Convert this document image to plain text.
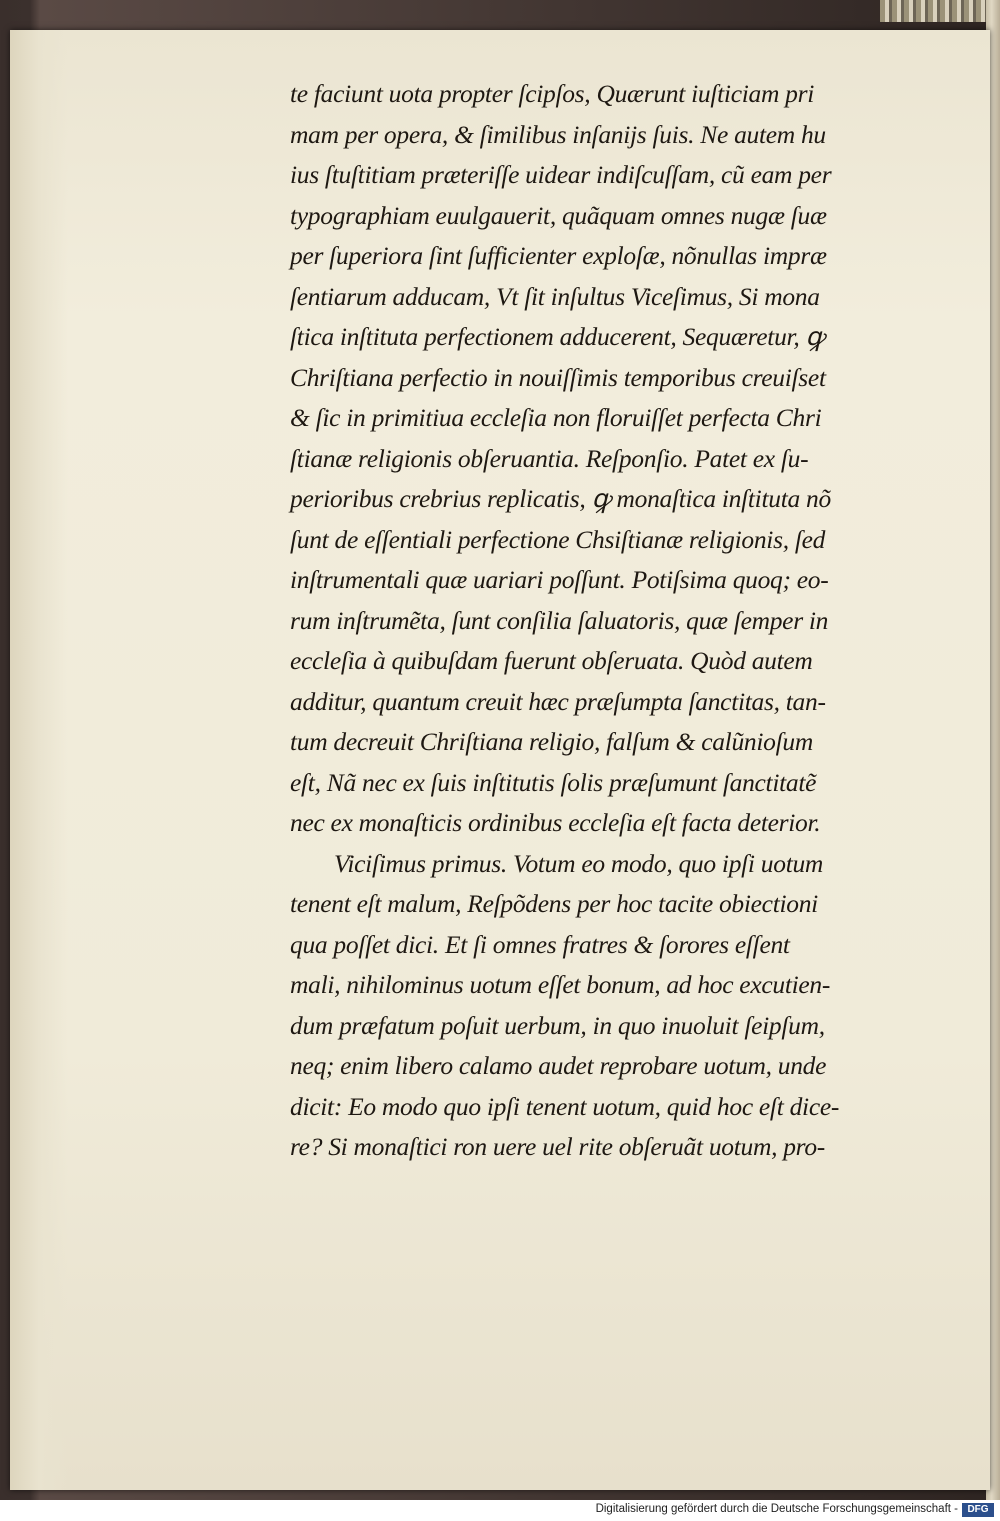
te faciunt uota propter ſcipſos, Quærunt iuſticiam pri
mam per opera, & ſimilibus inſanijs ſuis. Ne autem hu
ius ſtuſtitiam præteriſſe uidear indiſcuſſam, cũ eam per
typographiam euulgauerit, quãquam omnes nugæ ſuæ
per ſuperiora ſint ſufficienter exploſæ, nõnullas impræ
ſentiarum adducam, Vt ſit inſultus Viceſimus, Si mona
ſtica inſtituta perfectionem adducerent, Sequæretur, ꝙ
Chriſtiana perfectio in nouiſſimis temporibus creuiſset
& ſic in primitiua eccleſia non floruiſſet perfecta Chri
ſtianæ religionis obſeruantia. Reſponſio. Patet ex ſu-
perioribus crebrius replicatis, ꝙ monaſtica inſtituta nõ
ſunt de eſſentiali perfectione Chsiſtianæ religionis, ſed
inſtrumentali quæ uariari poſſunt. Potiſsima quoq; eo-
rum inſtrumẽta, ſunt conſilia ſaluatoris, quæ ſemper in
eccleſia à quibuſdam fuerunt obſeruata. Quòd autem
additur, quantum creuit hæc præſumpta ſanctitas, tan-
tum decreuit Chriſtiana religio, falſum & calũnioſum
eſt, Nã nec ex ſuis inſtitutis ſolis præſumunt ſanctitatẽ
nec ex monaſticis ordinibus eccleſia eſt facta deterior.
Viciſimus primus. Votum eo modo, quo ipſi uotum
tenent eſt malum, Reſpõdens per hoc tacite obiectioni
qua poſſet dici. Et ſi omnes fratres & ſorores eſſent
mali, nihilominus uotum eſſet bonum, ad hoc excutien-
dum præfatum poſuit uerbum, in quo inuoluit ſeipſum,
neq; enim libero calamo audet reprobare uotum, unde
dicit: Eo modo quo ipſi tenent uotum, quid hoc eſt dice-
re? Si monaſtici ron uere uel rite obſeruãt uotum, pro-
Digitalisierung gefördert durch die Deutsche Forschungsgemeinschaft - DFG
